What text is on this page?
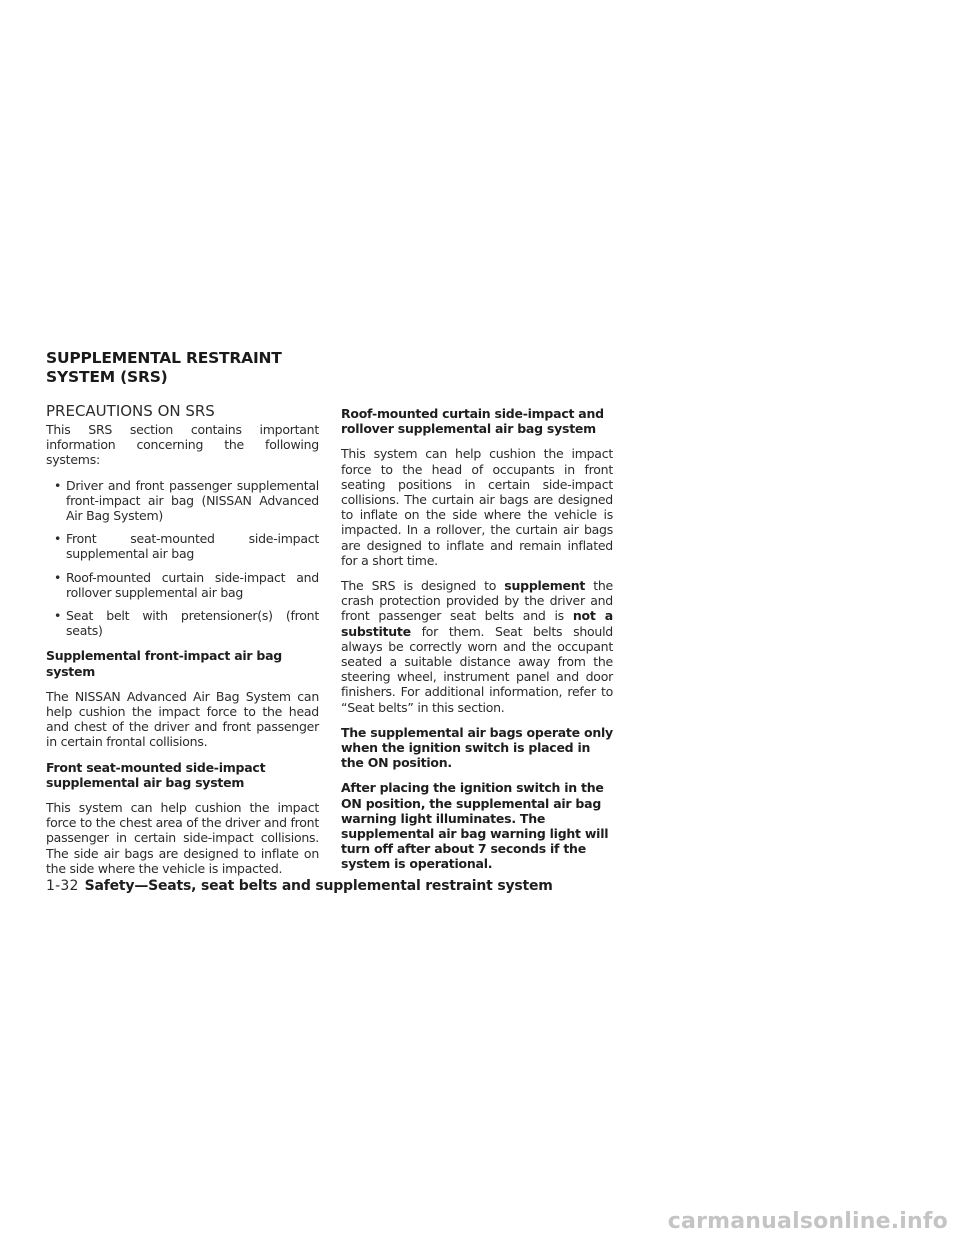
SUPPLEMENTAL RESTRAINT SYSTEM (SRS)
PRECAUTIONS ON SRS

This SRS section contains important information concerning the following systems:

• Driver and front passenger supplemental front-impact air bag (NISSAN Advanced Air Bag System)
• Front seat-mounted side-impact supplemental air bag
• Roof-mounted curtain side-impact and rollover supplemental air bag
• Seat belt with pretensioner(s) (front seats)

Supplemental front-impact air bag system

The NISSAN Advanced Air Bag System can help cushion the impact force to the head and chest of the driver and front passenger in certain frontal collisions.

Front seat-mounted side-impact supplemental air bag system

This system can help cushion the impact force to the chest area of the driver and front passenger in certain side-impact collisions. The side air bags are designed to inflate on the side where the vehicle is impacted.

Roof-mounted curtain side-impact and rollover supplemental air bag system

This system can help cushion the impact force to the head of occupants in front seating positions in certain side-impact collisions. The curtain air bags are designed to inflate on the side where the vehicle is impacted. In a rollover, the curtain air bags are designed to inflate and remain inflated for a short time.

The SRS is designed to supplement the crash protection provided by the driver and front passenger seat belts and is not a substitute for them. Seat belts should always be correctly worn and the occupant seated a suitable distance away from the steering wheel, instrument panel and door finishers. For additional information, refer to “Seat belts” in this section.

The supplemental air bags operate only when the ignition switch is placed in the ON position.

After placing the ignition switch in the ON position, the supplemental air bag warning light illuminates. The supplemental air bag warning light will turn off after about 7 seconds if the system is operational.

1-32 Safety—Seats, seat belts and supplemental restraint system
carmanualsonline.info
